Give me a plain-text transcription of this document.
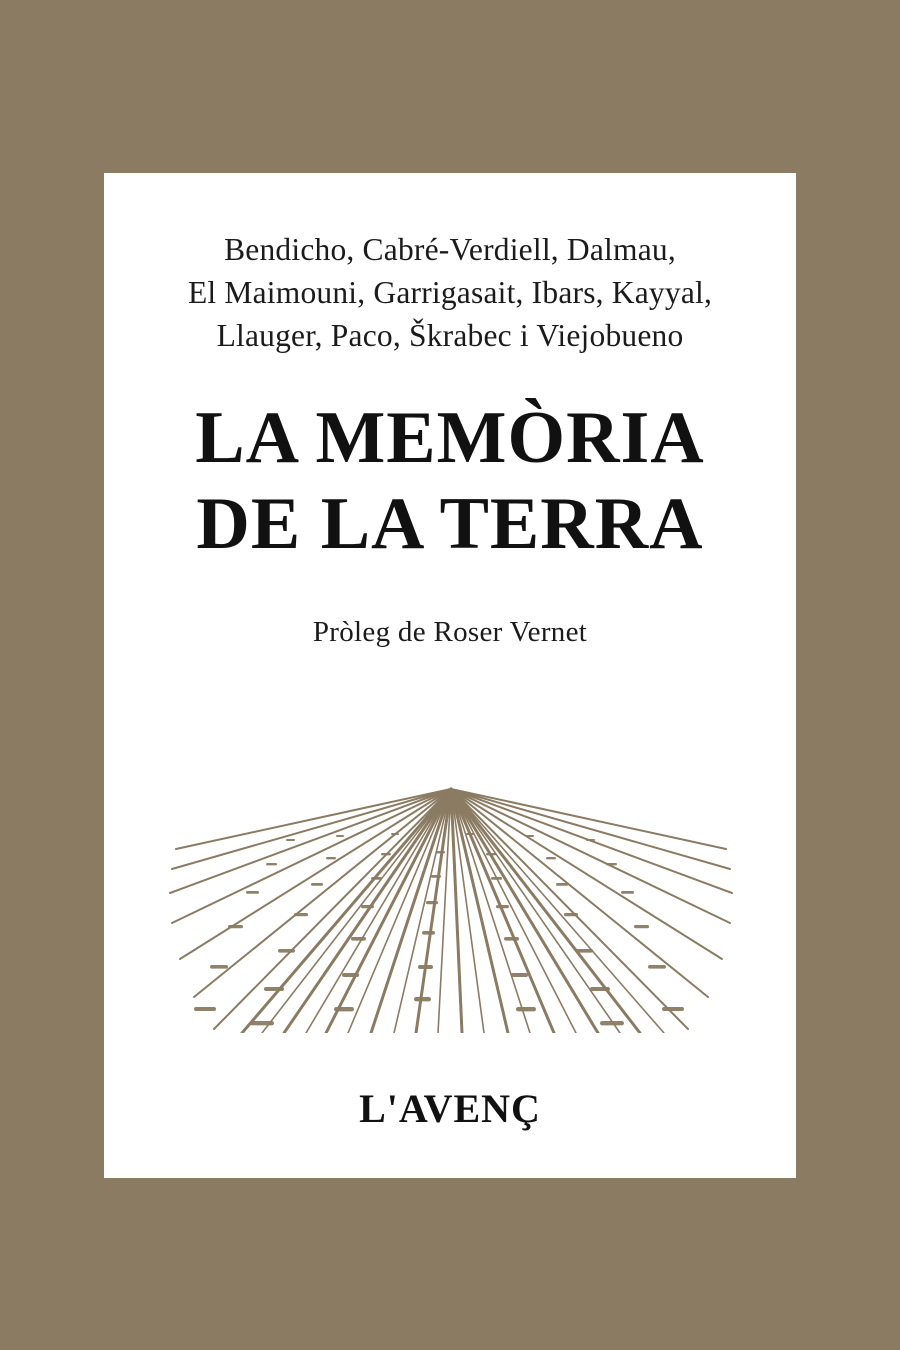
Bendicho, Cabré-Verdiell, Dalmau,
El Maimouni, Garrigasait, Ibars, Kayyal,
Llauger, Paco, Škrabec i Viejobueno
LA MEMÒRIA
DE LA TERRA
Pròleg de Roser Vernet
L'AVENÇ
